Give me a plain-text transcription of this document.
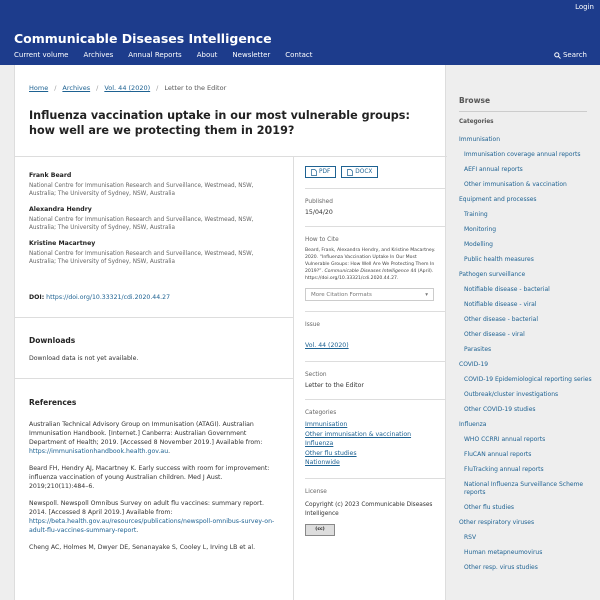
Login
Communicable Diseases Intelligence
Current volume Archives Annual Reports About Newsletter Contact	Search
Home / Archives / Vol. 44 (2020) / Letter to the Editor
Influenza vaccination uptake in our most vulnerable groups: how well are we protecting them in 2019?
Frank Beard
National Centre for Immunisation Research and Surveillance, Westmead, NSW, Australia; The University of Sydney, NSW, Australia
Alexandra Hendry
National Centre for Immunisation Research and Surveillance, Westmead, NSW, Australia; The University of Sydney, NSW, Australia
Kristine Macartney
National Centre for Immunisation Research and Surveillance, Westmead, NSW, Australia; The University of Sydney, NSW, Australia
DOI: https://doi.org/10.33321/cdi.2020.44.27
Downloads
Download data is not yet available.
References
Australian Technical Advisory Group on Immunisation (ATAGI). Australian Immunisation Handbook. [Internet.] Canberra: Australian Government Department of Health; 2019. [Accessed 8 November 2019.] Available from: https://immunisationhandbook.health.gov.au.
Beard FH, Hendry AJ, Macartney K. Early success with room for improvement: influenza vaccination of young Australian children. Med J Aust. 2019;210(11):484–6.
Newspoll. Newspoll Omnibus Survey on adult flu vaccines: summary report. 2014. [Accessed 8 April 2019.] Available from: https://beta.health.gov.au/resources/publications/newspoll-omnibus-survey-on-adult-flu-vaccines-summary-report.
Cheng AC, Holmes M, Dwyer DE, Senanayake S, Cooley L, Irving LB et al.
PDF	DOCX
Published
15/04/20
How to Cite
Beard, Frank, Alexandra Hendry, and Kristine Macartney. 2020. “Influenza Vaccination Uptake In Our Most Vulnerable Groups: How Well Are We Protecting Them In 2019?”. Communicable Diseases Intelligence 44 (April). https://doi.org/10.33321/cdi.2020.44.27.
More Citation Formats	▾
Issue
Vol. 44 (2020)
Section
Letter to the Editor
Categories
Immunisation
Other immunisation & vaccination
Influenza
Other flu studies
Nationwide
License
Copyright (c) 2023 Communicable Diseases Intelligence
(cc)
Browse
Categories
Immunisation
Immunisation coverage annual reports
AEFI annual reports
Other immunisation & vaccination
Equipment and processes
Training
Monitoring
Modelling
Public health measures
Pathogen surveillance
Notifiable disease - bacterial
Notifiable disease - viral
Other disease - bacterial
Other disease - viral
Parasites
COVID-19
COVID-19 Epidemiological reporting series
Outbreak/cluster investigations
Other COVID-19 studies
Influenza
WHO CCRRI annual reports
FluCAN annual reports
FluTracking annual reports
National Influenza Surveillance Scheme reports
Other flu studies
Other respiratory viruses
RSV
Human metapneumovirus
Other resp. virus studies
